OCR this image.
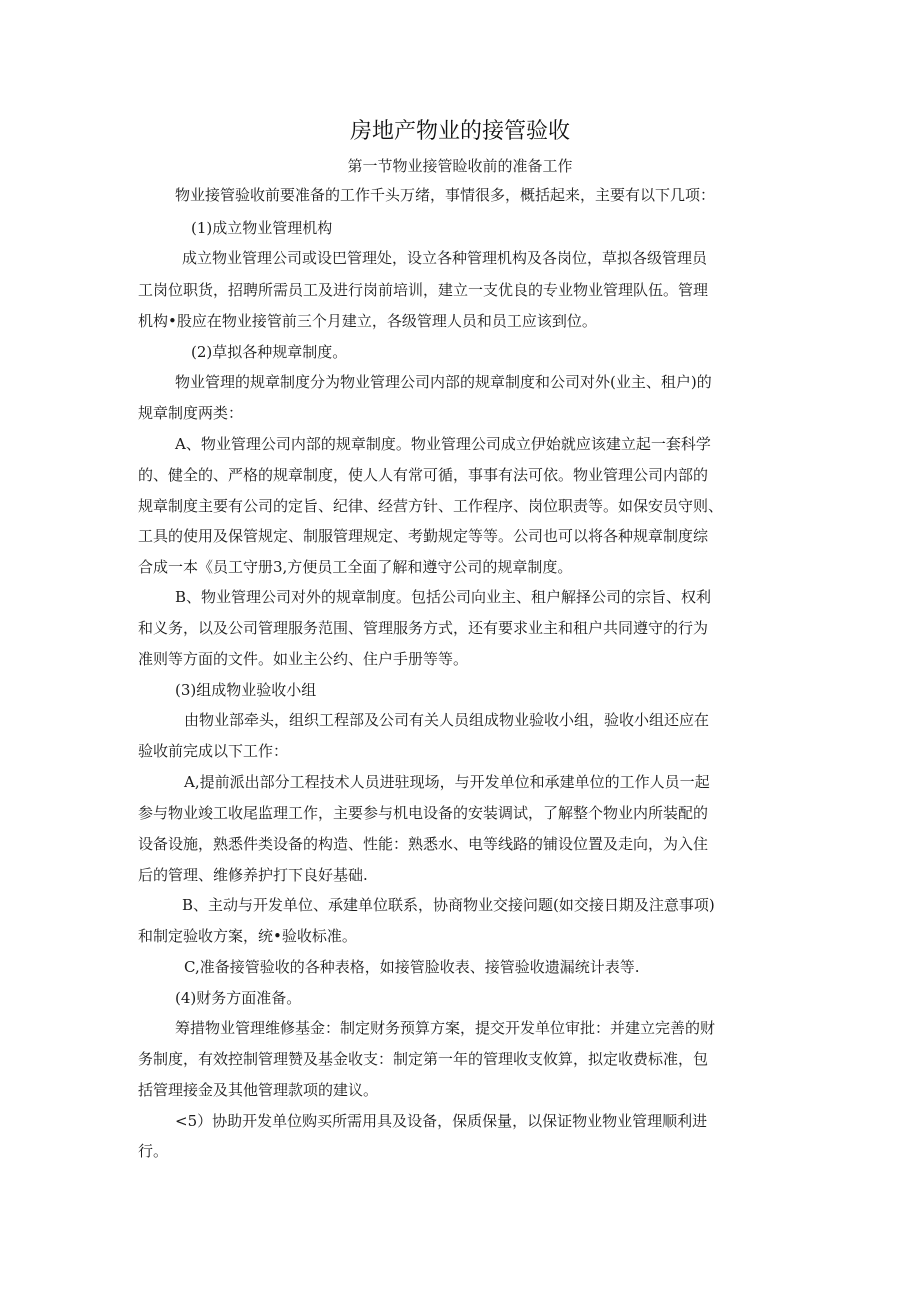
房地产物业的接管验收
第一节物业接管睑收前的准备工作
物业接管验收前要准备的工作千头万绪，事情很多，概括起来，主要有以下几项：
(1)成立物业管理机构
成立物业管理公司或设巴管理处，设立各种管理机构及各岗位，草拟各级管理员
工岗位职货，招聘所需员工及进行岗前培训，建立一支优良的专业物业管理队伍。管理
机构•股应在物业接管前三个月建立，各级管理人员和员工应该到位。
(2)草拟各种规章制度。
物业管理的规章制度分为物业管理公司内部的规章制度和公司对外(业主、租户)的
规章制度两类：
A、物业管理公司内部的规章制度。物业管理公司成立伊始就应该建立起一套科学
的、健全的、严格的规章制度，使人人有常可循，事事有法可依。物业管理公司内部的
规章制度主要有公司的定旨、纪律、经营方针、工作程序、岗位职责等。如保安员守则、
工具的使用及保管规定、制服管理规定、考勤规定等等。公司也可以将各种规章制度综
合成一本《员工守册3,方便员工全面了解和遵守公司的规章制度。
B、物业管理公司对外的规章制度。包括公司向业主、租户解择公司的宗旨、权利
和义务，以及公司管理服务范围、管理服务方式，还有要求业主和租户共同遵守的行为
准则等方面的文件。如业主公约、住户手册等等。
(3)组成物业验收小组
由物业部牵头，组织工程部及公司有关人员组成物业验收小组，验收小组还应在
验收前完成以下工作：
A,提前派出部分工程技术人员进驻现场，与开发单位和承建单位的工作人员一起
参与物业竣工收尾监理工作，主要参与机电设备的安装调试，了解整个物业内所装配的
设备设施，熟悉件类设备的构造、性能：熟悉水、电等线路的铺设位置及走向，为入住
后的管理、维修养护打下良好基础.
B、主动与开发单位、承建单位联系，协商物业交接问题(如交接日期及注意事项)
和制定验收方案，统•验收标准。
C,准备接管验收的各种表格，如接管脸收表、接管验收遗漏统计表等.
(4)财务方面准备。
筹措物业管理维修基金：制定财务预算方案，提交开发单位审批：并建立完善的财
务制度，有效控制管理赞及基金收支：制定第一年的管理收支攸算，拟定收费标准，包
括管理接金及其他管理款项的建议。
<5）协助开发单位购买所需用具及设备，保质保量，以保证物业物业管理顺利进
行。
